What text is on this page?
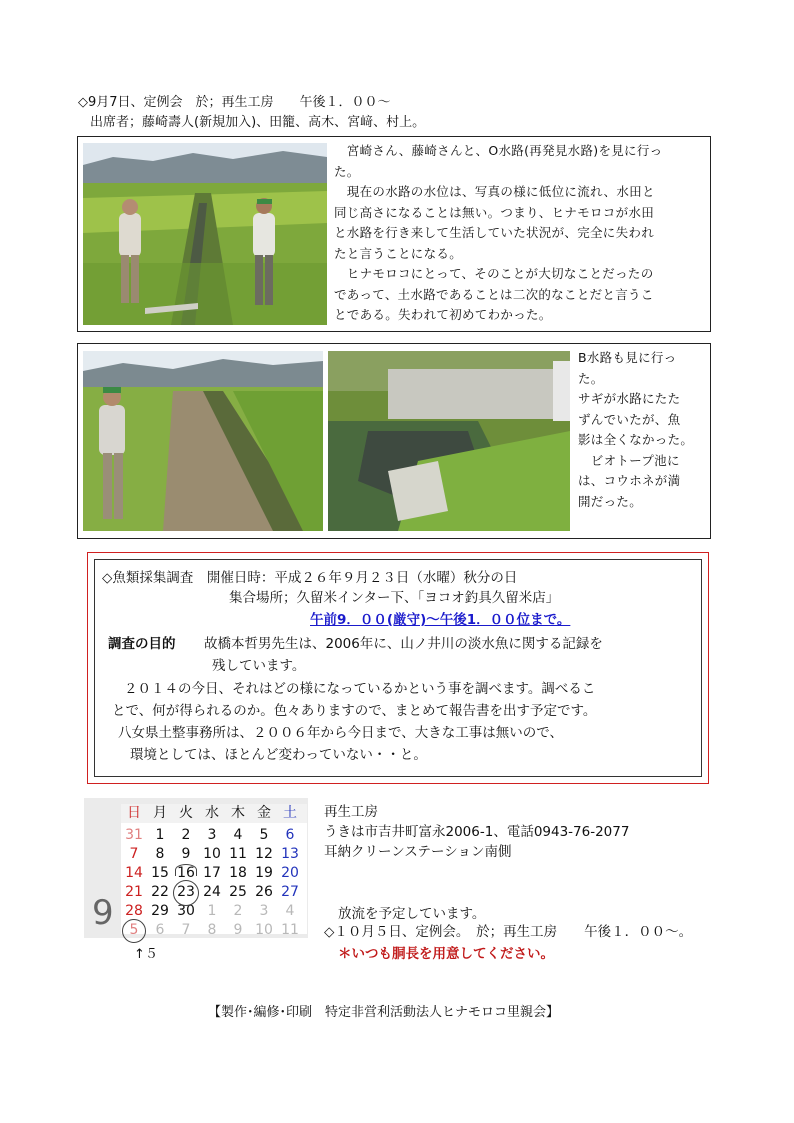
◇9月7日、定例会　於；再生工房　　午後１．００～
出席者；藤崎壽人(新規加入)、田籠、高木、宮﨑、村上。
　宮崎さん、藤崎さんと、O水路(再発見水路)を見に行っ
た。
　現在の水路の水位は、写真の様に低位に流れ、水田と
同じ高さになることは無い。つまり、ヒナモロコが水田
と水路を行き来して生活していた状況が、完全に失われ
たと言うことになる。
　ヒナモロコにとって、そのことが大切なことだったの
であって、土水路であることは二次的なことだと言うこ
とである。失われて初めてわかった。
B水路も見に行っ
た。
サギが水路にたた
ずんでいたが、魚
影は全くなかった。
　ビオトープ池に
は、コウホネが満
開だった。
◇魚類採集調査　開催日時：平成２６年９月２３日（水曜）秋分の日
集合場所；久留米インター下、「ヨコオ釣具久留米店」
午前9．００(厳守)～午後1．００位まで。
調査の目的 故橋本哲男先生は、2006年に、山ノ井川の淡水魚に関する記録を
残しています。
２０１４の今日、それはどの様になっているかという事を調べます。調べるこ
とで、何が得られるのか。色々ありますので、まとめて報告書を出す予定です。
八女県土整事務所は、２００６年から今日まで、大きな工事は無いので、
環境としては、ほとんど変わっていない・・と。
9
日 月 火 水 木 金 土
31 1	2	3	4	5	6
7	8	9 10 11 12 13
14 15 16 17 18 19 20
21 22 23 24 25 26 27
28 29 30 1	2	3	4
5	6	7	8	9 10 11
↑５
再生工房
うきは市吉井町富永2006-1、電話0943-76-2077
耳納クリーンステーション南側
放流を予定しています。
◇１０月５日、定例会。　於；再生工房　　午後１．００～。
＊いつも胴長を用意してください。
【製作･編修･印刷　特定非営利活動法人ヒナモロコ里親会】
